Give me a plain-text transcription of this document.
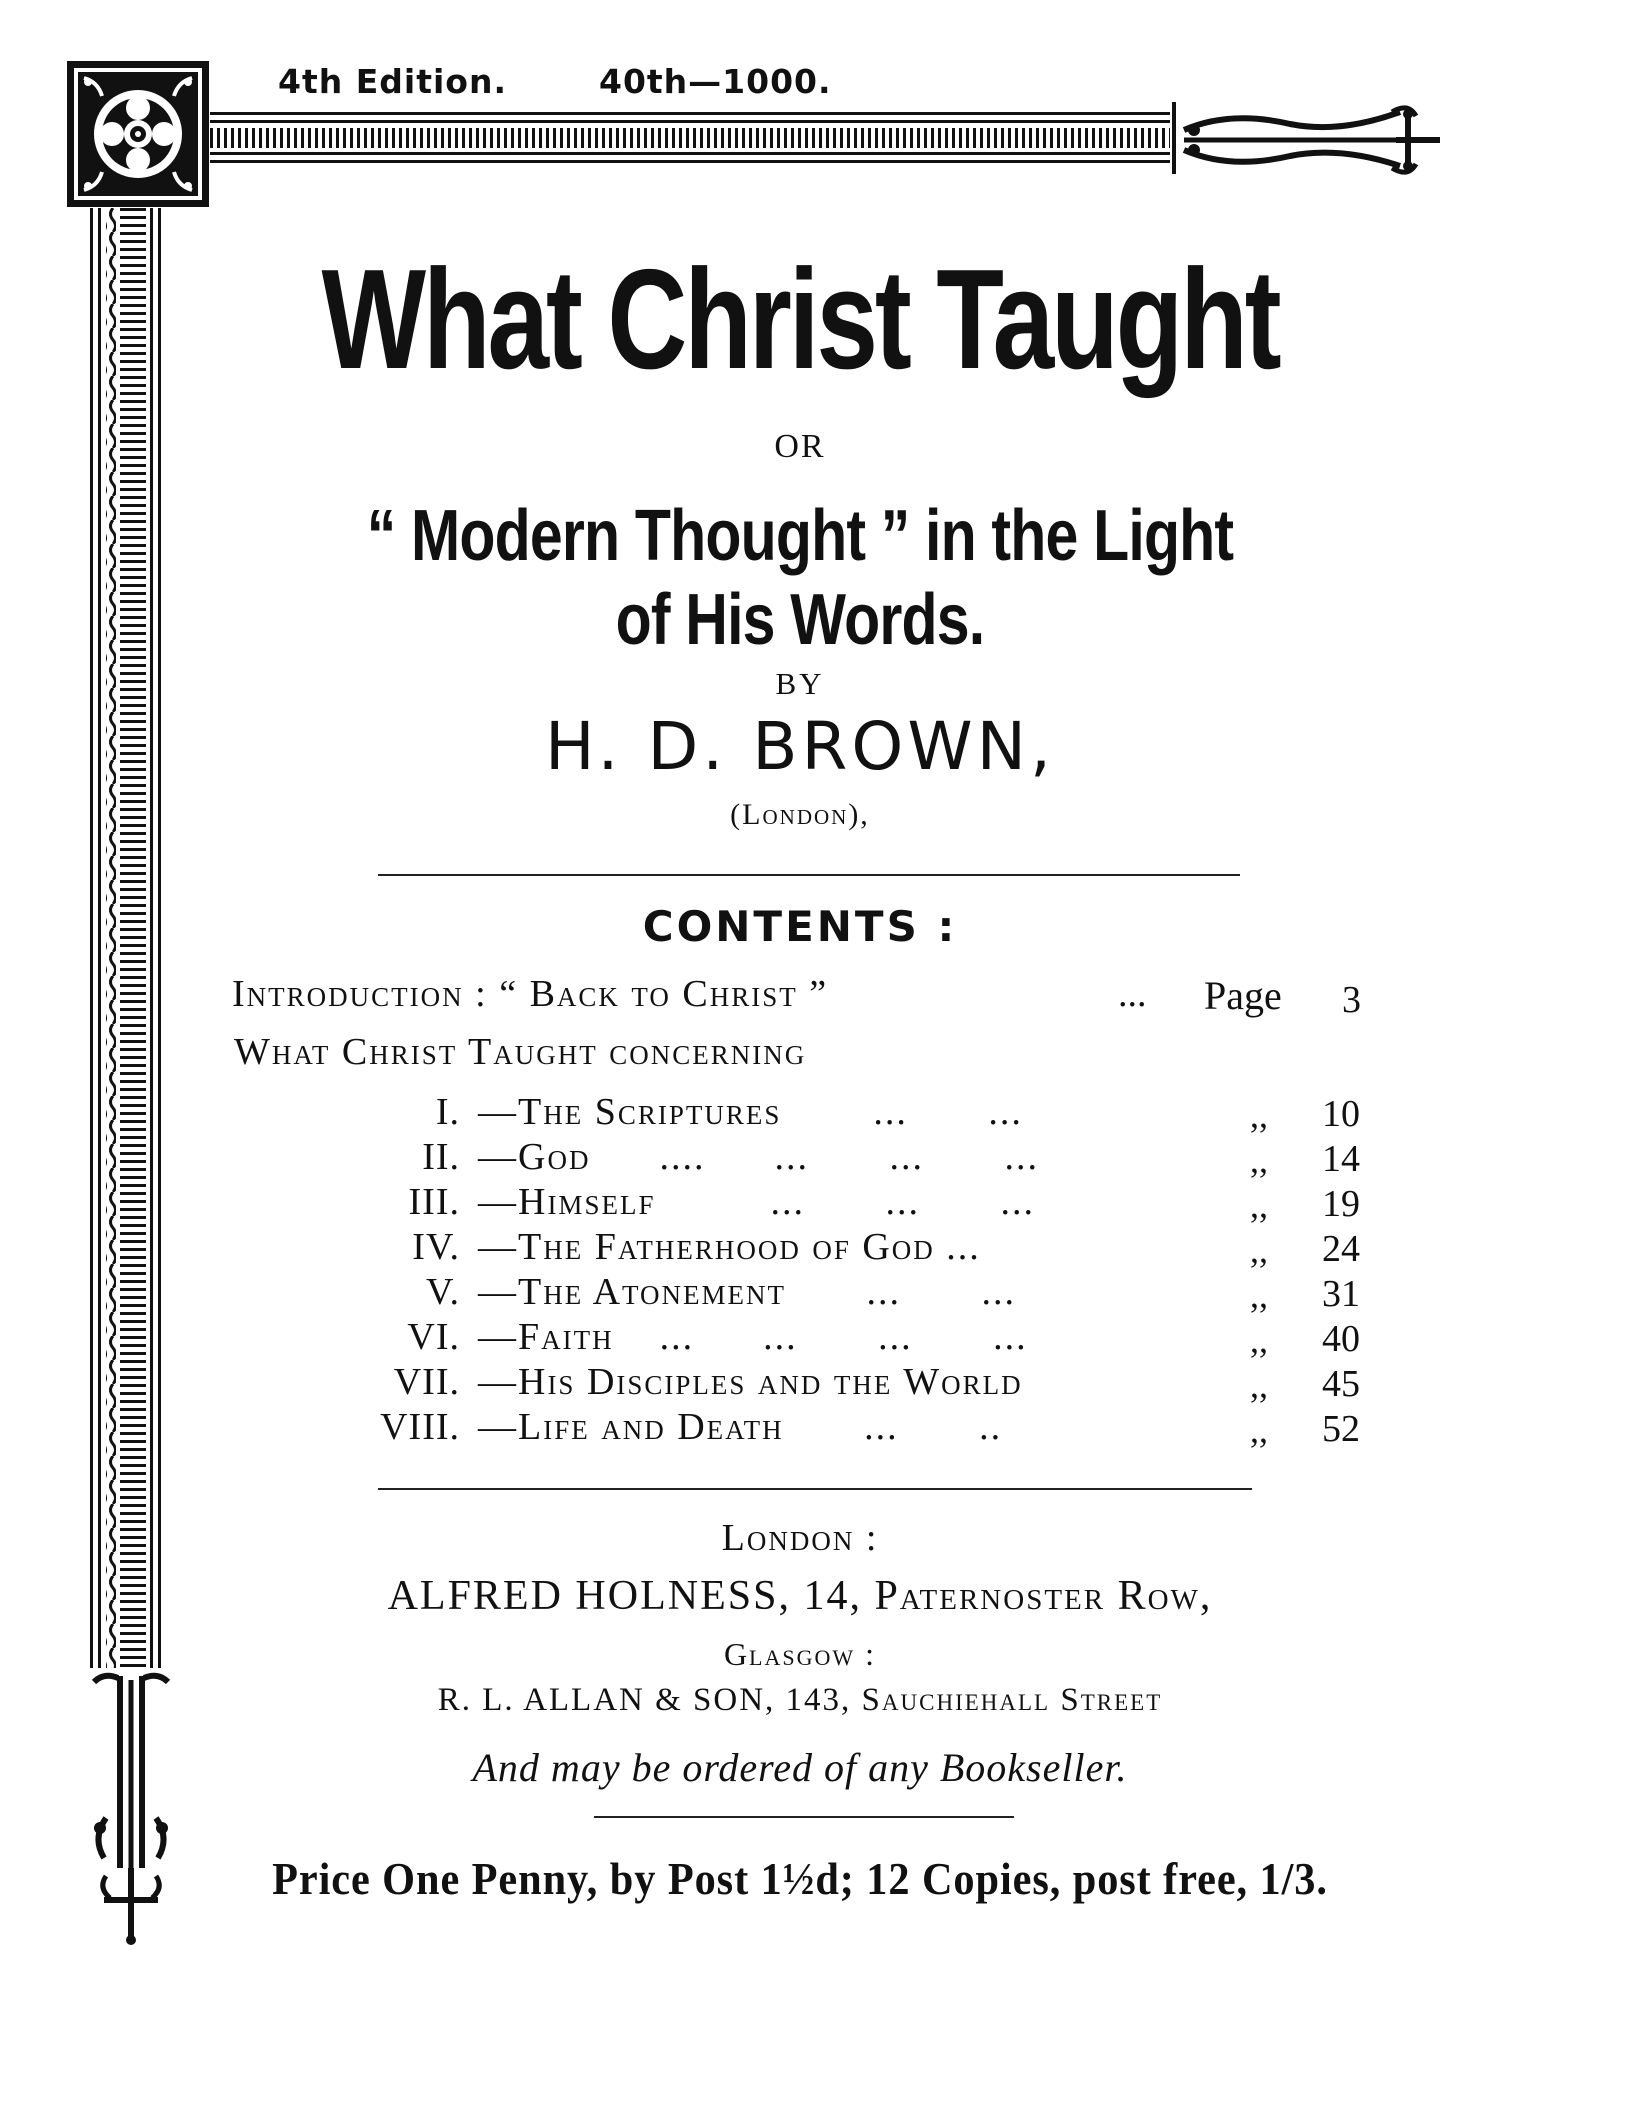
4th Edition.	40th—1000.
What Christ Taught
OR
“ Modern Thought ” in the Light
of His Words.
BY
H. D. BROWN,
(London),
CONTENTS :
Introduction : “ Back to Christ ”	... Page 3
What Christ Taught concerning
I. —The Scriptures        ...       ...	,, 10
II. —God      ....      ...       ...       ...	,, 14
III. —Himself          ...       ...       ...	,, 19
IV. —The Fatherhood of God ...	,, 24
V. —The Atonement       ...       ...	,, 31
VI. —Faith    ...      ...       ...       ...	,, 40
VII. —His Disciples and the World	,, 45
VIII. —Life and Death       ...       ..	,, 52
London :
ALFRED HOLNESS, 14, Paternoster Row,
Glasgow :
R. L. ALLAN & SON, 143, Sauchiehall Street
And may be ordered of any Bookseller.
Price One Penny, by Post 1½d; 12 Copies, post free, 1/3.
